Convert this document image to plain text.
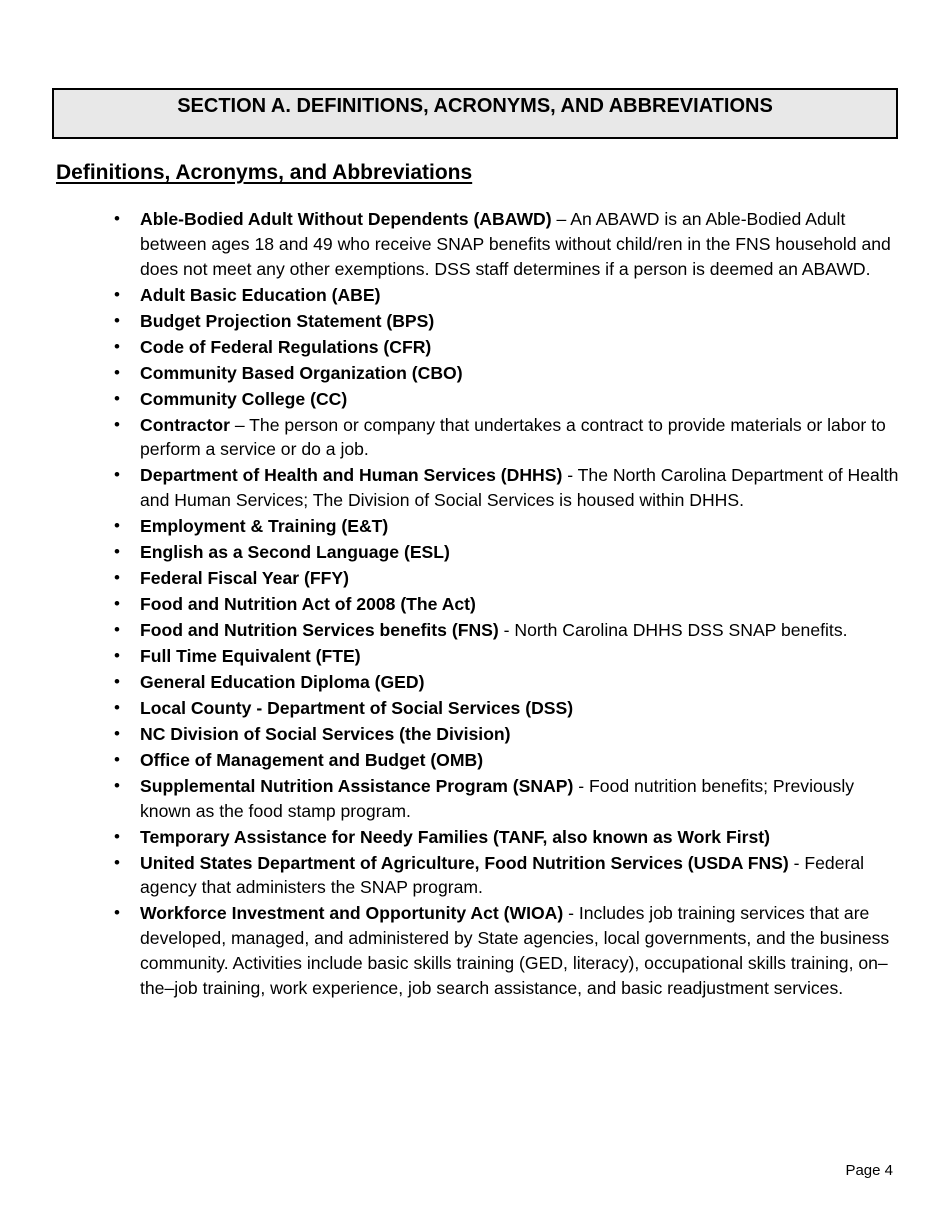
SECTION A. DEFINITIONS, ACRONYMS, AND ABBREVIATIONS
Definitions, Acronyms, and Abbreviations
• Able-Bodied Adult Without Dependents (ABAWD) – An ABAWD is an Able-Bodied Adult between ages 18 and 49 who receive SNAP benefits without child/ren in the FNS household and does not meet any other exemptions. DSS staff determines if a person is deemed an ABAWD.
• Adult Basic Education (ABE)
• Budget Projection Statement (BPS)
• Code of Federal Regulations (CFR)
• Community Based Organization (CBO)
• Community College (CC)
• Contractor – The person or company that undertakes a contract to provide materials or labor to perform a service or do a job.
• Department of Health and Human Services (DHHS) - The North Carolina Department of Health and Human Services; The Division of Social Services is housed within DHHS.
• Employment & Training (E&T)
• English as a Second Language (ESL)
• Federal Fiscal Year (FFY)
• Food and Nutrition Act of 2008 (The Act)
• Food and Nutrition Services benefits (FNS) - North Carolina DHHS DSS SNAP benefits.
• Full Time Equivalent (FTE)
• General Education Diploma (GED)
• Local County - Department of Social Services (DSS)
• NC Division of Social Services (the Division)
• Office of Management and Budget (OMB)
• Supplemental Nutrition Assistance Program (SNAP) - Food nutrition benefits; Previously known as the food stamp program.
• Temporary Assistance for Needy Families (TANF, also known as Work First)
• United States Department of Agriculture, Food Nutrition Services (USDA FNS) - Federal agency that administers the SNAP program.
• Workforce Investment and Opportunity Act (WIOA) - Includes job training services that are developed, managed, and administered by State agencies, local governments, and the business community. Activities include basic skills training (GED, literacy), occupational skills training, on–the–job training, work experience, job search assistance, and basic readjustment services.
Page 4
